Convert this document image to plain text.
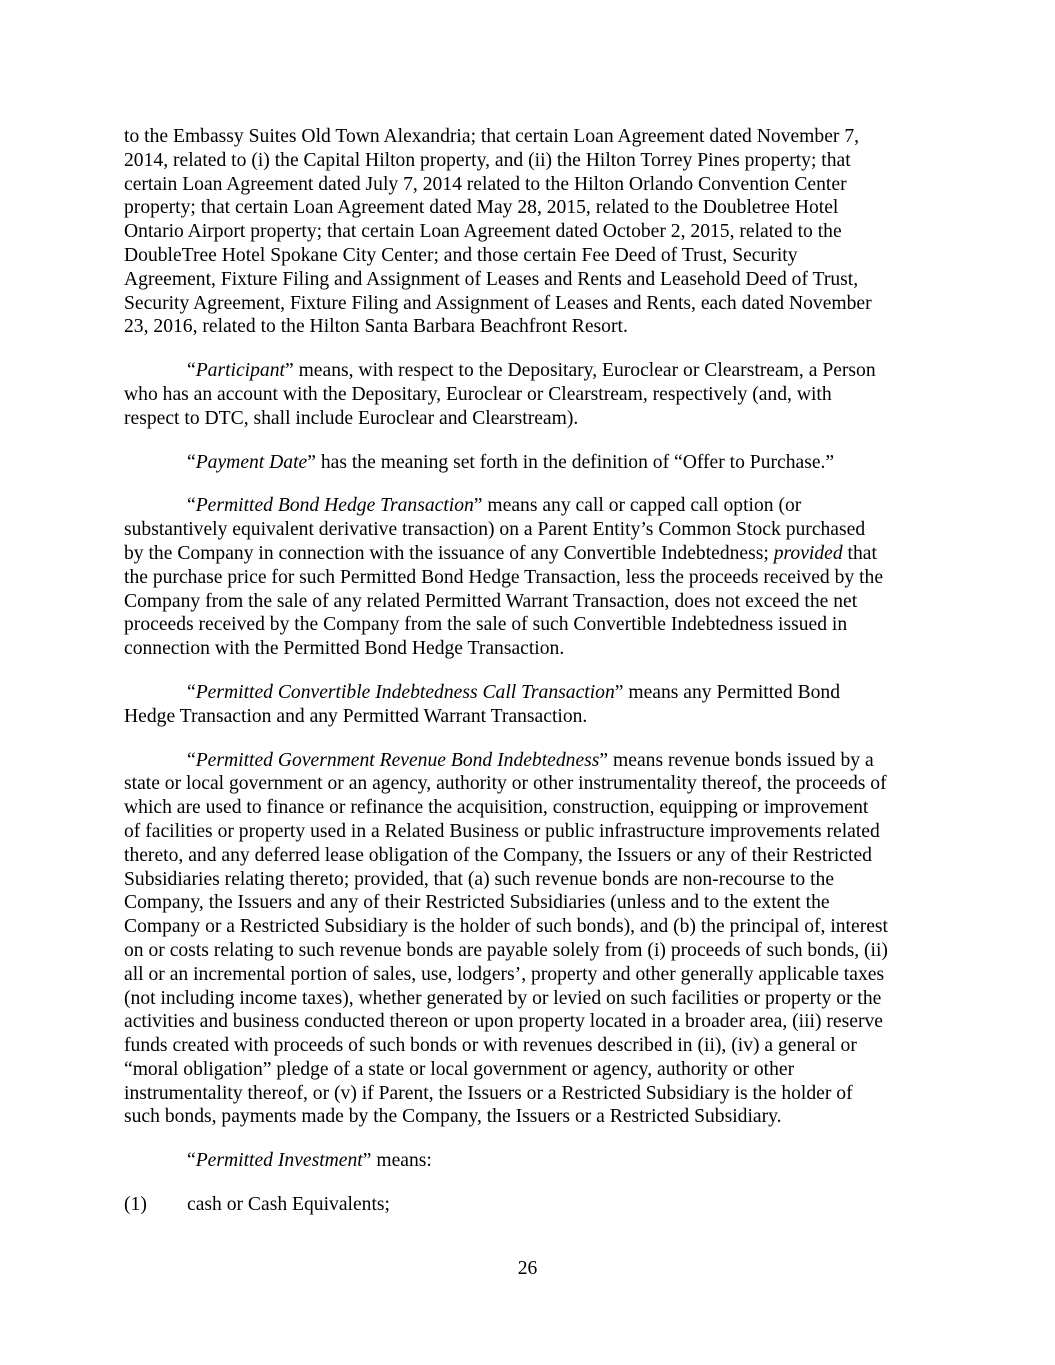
to the Embassy Suites Old Town Alexandria; that certain Loan Agreement dated November 7,
2014, related to (i) the Capital Hilton property, and (ii) the Hilton Torrey Pines property; that
certain Loan Agreement dated July 7, 2014 related to the Hilton Orlando Convention Center
property; that certain Loan Agreement dated May 28, 2015, related to the Doubletree Hotel
Ontario Airport property; that certain Loan Agreement dated October 2, 2015, related to the
DoubleTree Hotel Spokane City Center; and those certain Fee Deed of Trust, Security
Agreement, Fixture Filing and Assignment of Leases and Rents and Leasehold Deed of Trust,
Security Agreement, Fixture Filing and Assignment of Leases and Rents, each dated November
23, 2016, related to the Hilton Santa Barbara Beachfront Resort.

“Participant” means, with respect to the Depositary, Euroclear or Clearstream, a Person
who has an account with the Depositary, Euroclear or Clearstream, respectively (and, with
respect to DTC, shall include Euroclear and Clearstream).

“Payment Date” has the meaning set forth in the definition of “Offer to Purchase.”

“Permitted Bond Hedge Transaction” means any call or capped call option (or
substantively equivalent derivative transaction) on a Parent Entity’s Common Stock purchased
by the Company in connection with the issuance of any Convertible Indebtedness; provided that
the purchase price for such Permitted Bond Hedge Transaction, less the proceeds received by the
Company from the sale of any related Permitted Warrant Transaction, does not exceed the net
proceeds received by the Company from the sale of such Convertible Indebtedness issued in
connection with the Permitted Bond Hedge Transaction.

“Permitted Convertible Indebtedness Call Transaction” means any Permitted Bond
Hedge Transaction and any Permitted Warrant Transaction.

“Permitted Government Revenue Bond Indebtedness” means revenue bonds issued by a
state or local government or an agency, authority or other instrumentality thereof, the proceeds of
which are used to finance or refinance the acquisition, construction, equipping or improvement
of facilities or property used in a Related Business or public infrastructure improvements related
thereto, and any deferred lease obligation of the Company, the Issuers or any of their Restricted
Subsidiaries relating thereto; provided, that (a) such revenue bonds are non-recourse to the
Company, the Issuers and any of their Restricted Subsidiaries (unless and to the extent the
Company or a Restricted Subsidiary is the holder of such bonds), and (b) the principal of, interest
on or costs relating to such revenue bonds are payable solely from (i) proceeds of such bonds, (ii)
all or an incremental portion of sales, use, lodgers’, property and other generally applicable taxes
(not including income taxes), whether generated by or levied on such facilities or property or the
activities and business conducted thereon or upon property located in a broader area, (iii) reserve
funds created with proceeds of such bonds or with revenues described in (ii), (iv) a general or
“moral obligation” pledge of a state or local government or agency, authority or other
instrumentality thereof, or (v) if Parent, the Issuers or a Restricted Subsidiary is the holder of
such bonds, payments made by the Company, the Issuers or a Restricted Subsidiary.

“Permitted Investment” means:

(1) cash or Cash Equivalents;
26
